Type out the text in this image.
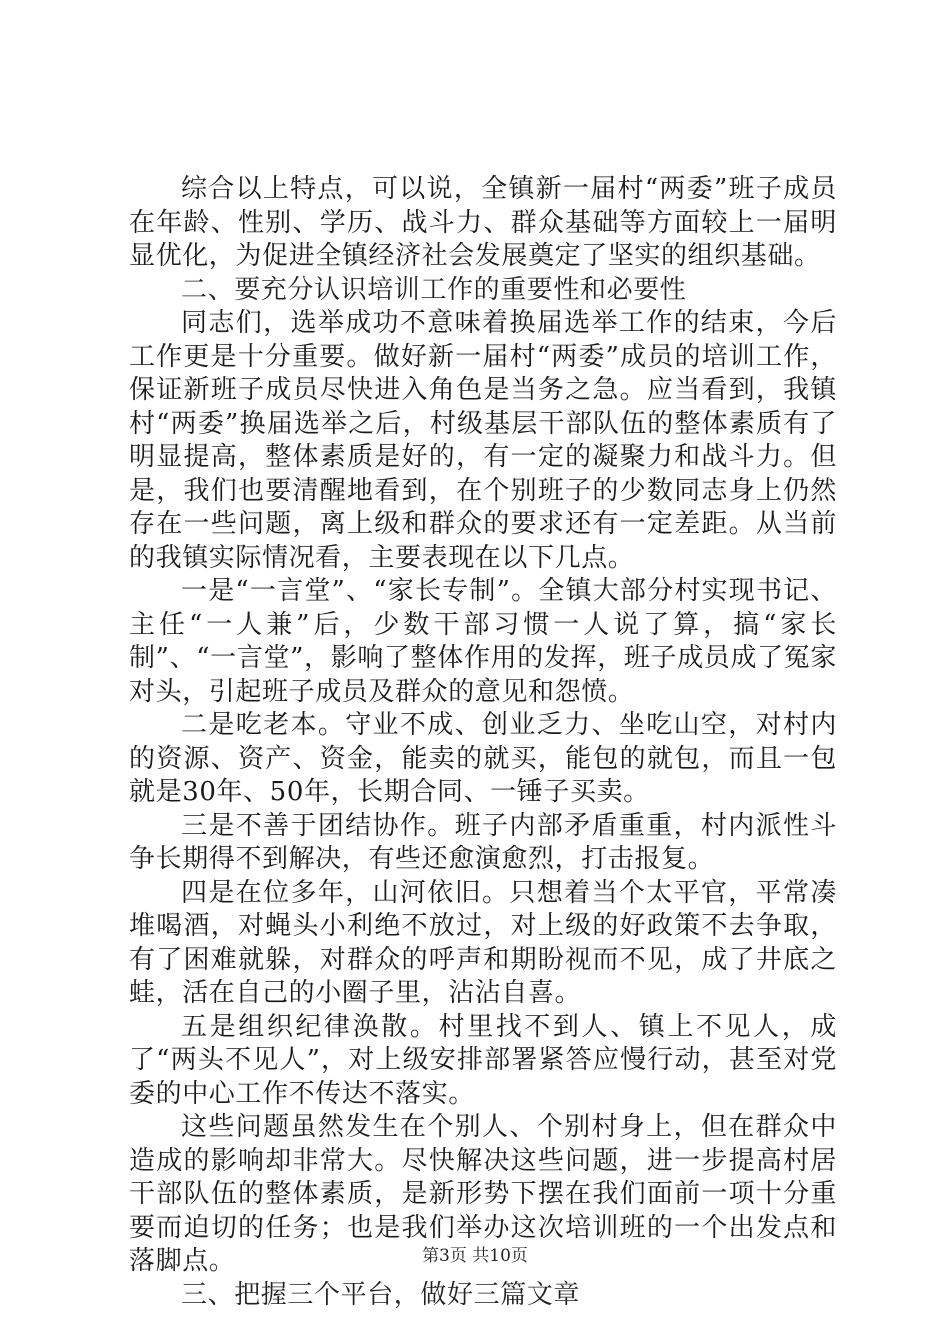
综合以上特点，可以说，全镇新一届村“两委”班子成员在年龄、性别、学历、战斗力、群众基础等方面较上一届明显优化，为促进全镇经济社会发展奠定了坚实的组织基础。

二、要充分认识培训工作的重要性和必要性

同志们，选举成功不意味着换届选举工作的结束，今后工作更是十分重要。做好新一届村“两委”成员的培训工作，保证新班子成员尽快进入角色是当务之急。应当看到，我镇村“两委”换届选举之后，村级基层干部队伍的整体素质有了明显提高，整体素质是好的，有一定的凝聚力和战斗力。但是，我们也要清醒地看到，在个别班子的少数同志身上仍然存在一些问题，离上级和群众的要求还有一定差距。从当前的我镇实际情况看，主要表现在以下几点。

一是“一言堂”、“家长专制”。全镇大部分村实现书记、主任“一人兼”后，少数干部习惯一人说了算，搞“家长制”、“一言堂”，影响了整体作用的发挥，班子成员成了冤家对头，引起班子成员及群众的意见和怨愤。

二是吃老本。守业不成、创业乏力、坐吃山空，对村内的资源、资产、资金，能卖的就买，能包的就包，而且一包就是30年、50年，长期合同、一锤子买卖。

三是不善于团结协作。班子内部矛盾重重，村内派性斗争长期得不到解决，有些还愈演愈烈，打击报复。

四是在位多年，山河依旧。只想着当个太平官，平常凑堆喝酒，对蝇头小利绝不放过，对上级的好政策不去争取，有了困难就躲，对群众的呼声和期盼视而不见，成了井底之蛙，活在自己的小圈子里，沾沾自喜。

五是组织纪律涣散。村里找不到人、镇上不见人，成了“两头不见人”，对上级安排部署紧答应慢行动，甚至对党委的中心工作不传达不落实。

这些问题虽然发生在个别人、个别村身上，但在群众中造成的影响却非常大。尽快解决这些问题，进一步提高村居干部队伍的整体素质，是新形势下摆在我们面前一项十分重要而迫切的任务；也是我们举办这次培训班的一个出发点和落脚点。

三、把握三个平台，做好三篇文章

第3页 共10页
